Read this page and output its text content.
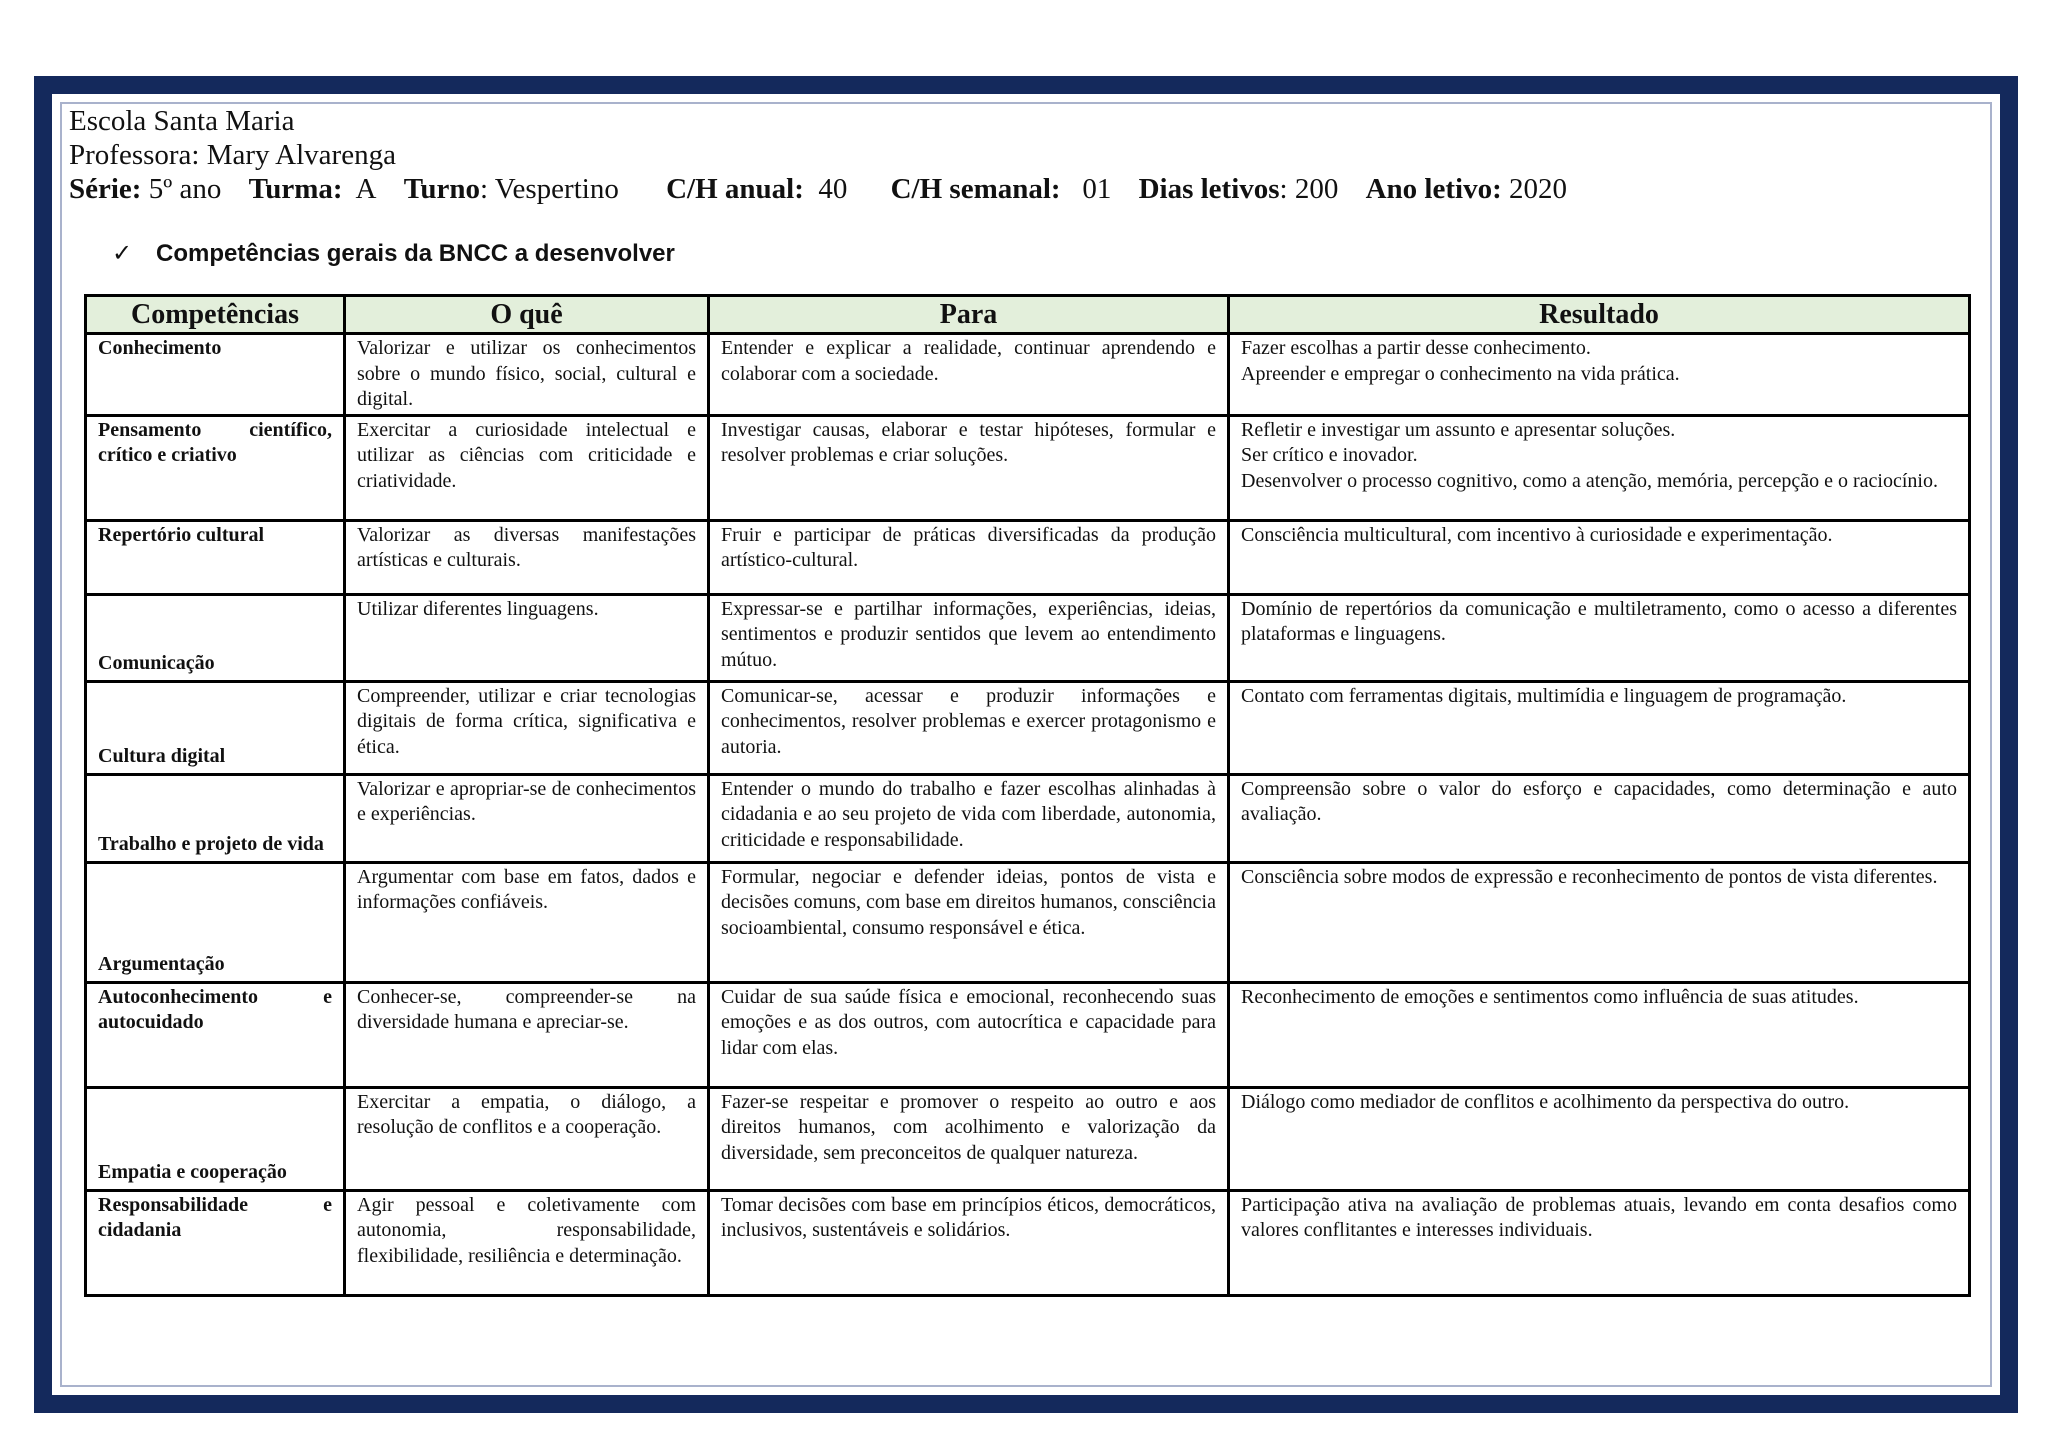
Escola Santa Maria
Professora: Mary Alvarenga
Série: 5º ano Turma: A Turno: Vespertino C/H anual: 40 C/H semanal: 01 Dias letivos: 200 Ano letivo: 2020
✓ Competências gerais da BNCC a desenvolver
Competências	O quê	Para	Resultado
Conhecimento	Valorizar e utilizar os conhecimentos sobre o mundo físico, social, cultural e digital.	Entender e explicar a realidade, continuar aprendendo e colaborar com a sociedade.	Fazer escolhas a partir desse conhecimento.
Apreender e empregar o conhecimento na vida prática.

Pensamento científico, crítico e criativo	Exercitar a curiosidade intelectual e utilizar as ciências com criticidade e criatividade.	Investigar causas, elaborar e testar hipóteses, formular e resolver problemas e criar soluções.	Refletir e investigar um assunto e apresentar soluções.
Ser crítico e inovador.
Desenvolver o processo cognitivo, como a atenção, memória, percepção e o raciocínio.

Repertório cultural	Valorizar as diversas manifestações artísticas e culturais.	Fruir e participar de práticas diversificadas da produção artístico-cultural.	Consciência multicultural, com incentivo à curiosidade e experimentação.

Comunicação	Utilizar diferentes linguagens.	Expressar-se e partilhar informações, experiências, ideias, sentimentos e produzir sentidos que levem ao entendimento mútuo.	Domínio de repertórios da comunicação e multiletramento, como o acesso a diferentes plataformas e linguagens.

Cultura digital	Compreender, utilizar e criar tecnologias digitais de forma crítica, significativa e ética.	Comunicar-se, acessar e produzir informações e conhecimentos, resolver problemas e exercer protagonismo e autoria.	Contato com ferramentas digitais, multimídia e linguagem de programação.

Trabalho e projeto de vida	Valorizar e apropriar-se de conhecimentos e experiências.	Entender o mundo do trabalho e fazer escolhas alinhadas à cidadania e ao seu projeto de vida com liberdade, autonomia, criticidade e responsabilidade.	Compreensão sobre o valor do esforço e capacidades, como determinação e auto avaliação.

Argumentação	Argumentar com base em fatos, dados e informações confiáveis.	Formular, negociar e defender ideias, pontos de vista e decisões comuns, com base em direitos humanos, consciência socioambiental, consumo responsável e ética.	Consciência sobre modos de expressão e reconhecimento de pontos de vista diferentes.

Autoconhecimento e autocuidado	Conhecer-se, compreender-se na diversidade humana e apreciar-se.	Cuidar de sua saúde física e emocional, reconhecendo suas emoções e as dos outros, com autocrítica e capacidade para lidar com elas.	Reconhecimento de emoções e sentimentos como influência de suas atitudes.

Empatia e cooperação	Exercitar a empatia, o diálogo, a resolução de conflitos e a cooperação.	Fazer-se respeitar e promover o respeito ao outro e aos direitos humanos, com acolhimento e valorização da diversidade, sem preconceitos de qualquer natureza.	Diálogo como mediador de conflitos e acolhimento da perspectiva do outro.

Responsabilidade e cidadania	Agir pessoal e coletivamente com autonomia, responsabilidade, flexibilidade, resiliência e determinação.	Tomar decisões com base em princípios éticos, democráticos, inclusivos, sustentáveis e solidários.	Participação ativa na avaliação de problemas atuais, levando em conta desafios como valores conflitantes e interesses individuais.
